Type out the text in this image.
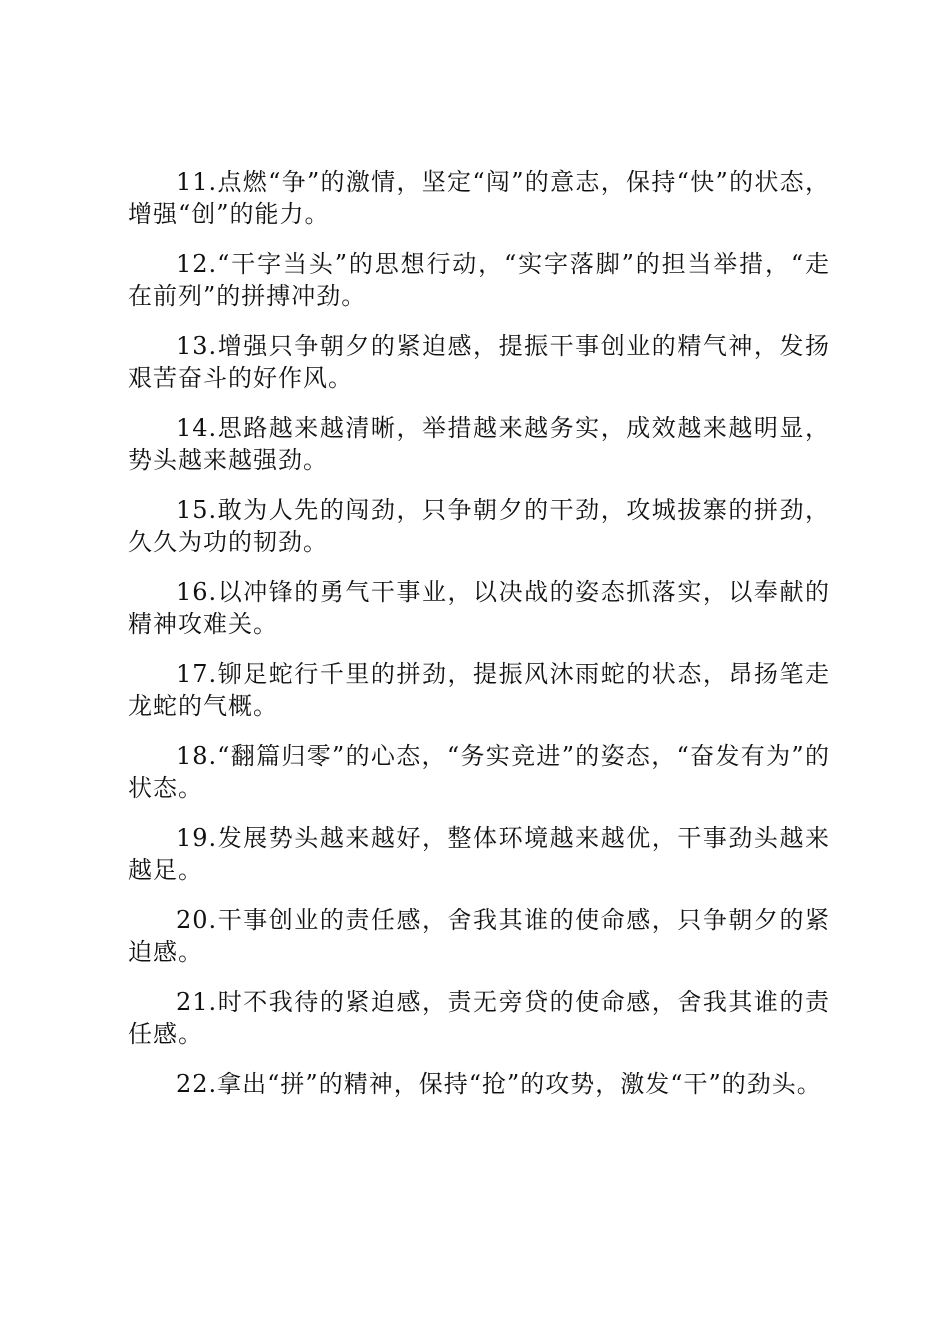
11.点燃“争”的激情，坚定“闯”的意志，保持“快”的状态，增强“创”的能力。

12.“干字当头”的思想行动，“实字落脚”的担当举措，“走在前列”的拼搏冲劲。

13.增强只争朝夕的紧迫感，提振干事创业的精气神，发扬艰苦奋斗的好作风。

14.思路越来越清晰，举措越来越务实，成效越来越明显，势头越来越强劲。

15.敢为人先的闯劲，只争朝夕的干劲，攻城拔寨的拼劲，久久为功的韧劲。

16.以冲锋的勇气干事业，以决战的姿态抓落实，以奉献的精神攻难关。

17.铆足蛇行千里的拼劲，提振风沐雨蛇的状态，昂扬笔走龙蛇的气概。

18.“翻篇归零”的心态，“务实竞进”的姿态，“奋发有为”的状态。

19.发展势头越来越好，整体环境越来越优，干事劲头越来越足。

20.干事创业的责任感，舍我其谁的使命感，只争朝夕的紧迫感。

21.时不我待的紧迫感，责无旁贷的使命感，舍我其谁的责任感。

22.拿出“拼”的精神，保持“抢”的攻势，激发“干”的劲头。
